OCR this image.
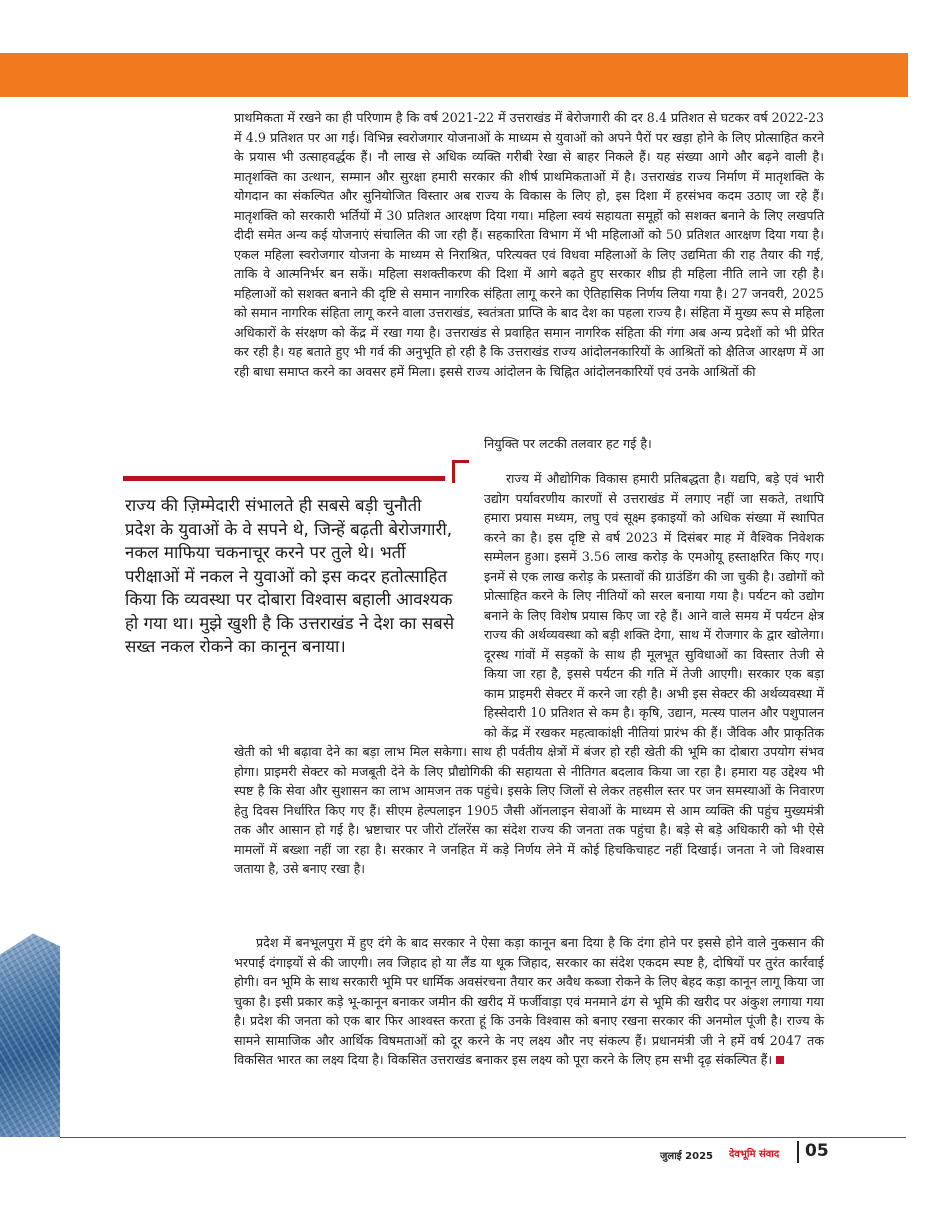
प्राथमिकता में रखने का ही परिणाम है कि वर्ष 2021-22 में उत्तराखंड में बेरोजगारी की दर 8.4 प्रतिशत से घटकर वर्ष 2022-23 में 4.9 प्रतिशत पर आ गई। विभिन्न स्वरोजगार योजनाओं के माध्यम से युवाओं को अपने पैरों पर खड़ा होने के लिए प्रोत्साहित करने के प्रयास भी उत्साहवर्द्धक हैं। नौ लाख से अधिक व्यक्ति गरीबी रेखा से बाहर निकले हैं। यह संख्या आगे और बढ़ने वाली है। मातृशक्ति का उत्थान, सम्मान और सुरक्षा हमारी सरकार की शीर्ष प्राथमिकताओं में है। उत्तराखंड राज्य निर्माण में मातृशक्ति के योगदान का संकल्पित और सुनियोजित विस्तार अब राज्य के विकास के लिए हो, इस दिशा में हरसंभव कदम उठाए जा रहे हैं। मातृशक्ति को सरकारी भर्तियों में 30 प्रतिशत आरक्षण दिया गया। महिला स्वयं सहायता समूहों को सशक्त बनाने के लिए लखपति दीदी समेत अन्य कई योजनाएं संचालित की जा रही हैं। सहकारिता विभाग में भी महिलाओं को 50 प्रतिशत आरक्षण दिया गया है। एकल महिला स्वरोजगार योजना के माध्यम से निराश्रित, परित्यक्त एवं विधवा महिलाओं के लिए उद्यमिता की राह तैयार की गई, ताकि वे आत्मनिर्भर बन सकें। महिला सशक्तीकरण की दिशा में आगे बढ़ते हुए सरकार शीघ्र ही महिला नीति लाने जा रही है। महिलाओं को सशक्त बनाने की दृष्टि से समान नागरिक संहिता लागू करने का ऐतिहासिक निर्णय लिया गया है। 27 जनवरी, 2025 को समान नागरिक संहिता लागू करने वाला उत्तराखंड, स्वतंत्रता प्राप्ति के बाद देश का पहला राज्य है। संहिता में मुख्य रूप से महिला अधिकारों के संरक्षण को केंद्र में रखा गया है। उत्तराखंड से प्रवाहित समान नागरिक संहिता की गंगा अब अन्य प्रदेशों को भी प्रेरित कर रही है। यह बताते हुए भी गर्व की अनुभूति हो रही है कि उत्तराखंड राज्य आंदोलनकारियों के आश्रितों को क्षैतिज आरक्षण में आ रही बाधा समाप्त करने का अवसर हमें मिला। इससे राज्य आंदोलन के चिह्नित आंदोलनकारियों एवं उनके आश्रितों की

नियुक्ति पर लटकी तलवार हट गई है।

राज्य में औद्योगिक विकास हमारी प्रतिबद्धता है। यद्यपि, बड़े एवं भारी उद्योग पर्यावरणीय कारणों से उत्तराखंड में लगाए नहीं जा सकते, तथापि हमारा प्रयास मध्यम, लघु एवं सूक्ष्म इकाइयों को अधिक संख्या में स्थापित करने का है। इस दृष्टि से वर्ष 2023 में दिसंबर माह में वैश्विक निवेशक सम्मेलन हुआ। इसमें 3.56 लाख करोड़ के एमओयू हस्ताक्षरित किए गए। इनमें से एक लाख करोड़ के प्रस्तावों की ग्राउंडिंग की जा चुकी है। उद्योगों को प्रोत्साहित करने के लिए नीतियों को सरल बनाया गया है। पर्यटन को उद्योग बनाने के लिए विशेष प्रयास किए जा रहे हैं। आने वाले समय में पर्यटन क्षेत्र राज्य की अर्थव्यवस्था को बड़ी शक्ति देगा, साथ में रोजगार के द्वार खोलेगा। दूरस्थ गांवों में सड़कों के साथ ही मूलभूत सुविधाओं का विस्तार तेजी से किया जा रहा है, इससे पर्यटन की गति में तेजी आएगी। सरकार एक बड़ा काम प्राइमरी सेक्टर में करने जा रही है। अभी इस सेक्टर की अर्थव्यवस्था में हिस्सेदारी 10 प्रतिशत से कम है। कृषि, उद्यान, मत्स्य पालन और पशुपालन को केंद्र में रखकर महत्वाकांक्षी नीतियां प्रारंभ की हैं। जैविक और प्राकृतिक खेती को भी बढ़ावा देने का बड़ा लाभ मिल सकेगा। साथ ही पर्वतीय क्षेत्रों में बंजर हो रही खेती की भूमि का दोबारा उपयोग संभव होगा। प्राइमरी सेक्टर को मजबूती देने के लिए प्रौद्योगिकी की सहायता से नीतिगत बदलाव किया जा रहा है। हमारा यह उद्देश्य भी स्पष्ट है कि सेवा और सुशासन का लाभ आमजन तक पहुंचे। इसके लिए जिलों से लेकर तहसील स्तर पर जन समस्याओं के निवारण हेतु दिवस निर्धारित किए गए हैं। सीएम हेल्पलाइन 1905 जैसी ऑनलाइन सेवाओं के माध्यम से आम व्यक्ति की पहुंच मुख्यमंत्री तक और आसान हो गई है। भ्रष्टाचार पर जीरो टॉलरेंस का संदेश राज्य की जनता तक पहुंचा है। बड़े से बड़े अधिकारी को भी ऐसे मामलों में बख्शा नहीं जा रहा है। सरकार ने जनहित में कड़े निर्णय लेने में कोई हिचकिचाहट नहीं दिखाई। जनता ने जो विश्वास जताया है, उसे बनाए रखा है।

प्रदेश में बनभूलपुरा में हुए दंगे के बाद सरकार ने ऐसा कड़ा कानून बना दिया है कि दंगा होने पर इससे होने वाले नुकसान की भरपाई दंगाइयों से की जाएगी। लव जिहाद हो या लैंड या थूक जिहाद, सरकार का संदेश एकदम स्पष्ट है, दोषियों पर तुरंत कार्रवाई होगी। वन भूमि के साथ सरकारी भूमि पर धार्मिक अवसंरचना तैयार कर अवैध कब्जा रोकने के लिए बेहद कड़ा कानून लागू किया जा चुका है। इसी प्रकार कड़े भू-कानून बनाकर जमीन की खरीद में फर्जीवाड़ा एवं मनमाने ढंग से भूमि की खरीद पर अंकुश लगाया गया है। प्रदेश की जनता को एक बार फिर आश्वस्त करता हूं कि उनके विश्वास को बनाए रखना सरकार की अनमोल पूंजी है। राज्य के सामने सामाजिक और आर्थिक विषमताओं को दूर करने के नए लक्ष्य और नए संकल्प हैं। प्रधानमंत्री जी ने हमें वर्ष 2047 तक विकसित भारत का लक्ष्य दिया है। विकसित उत्तराखंड बनाकर इस लक्ष्य को पूरा करने के लिए हम सभी दृढ़ संकल्पित हैं।

राज्य की ज़िम्मेदारी संभालते ही सबसे बड़ी चुनौती प्रदेश के युवाओं के वे सपने थे, जिन्हें बढ़ती बेरोजगारी, नकल माफिया चकनाचूर करने पर तुले थे। भर्ती परीक्षाओं में नकल ने युवाओं को इस कदर हतोत्साहित किया कि व्यवस्था पर दोबारा विश्वास बहाली आवश्यक हो गया था। मुझे खुशी है कि उत्तराखंड ने देश का सबसे सख्त नकल रोकने का कानून बनाया।

जुलाई 2025 देवभूमि संवाद 05
